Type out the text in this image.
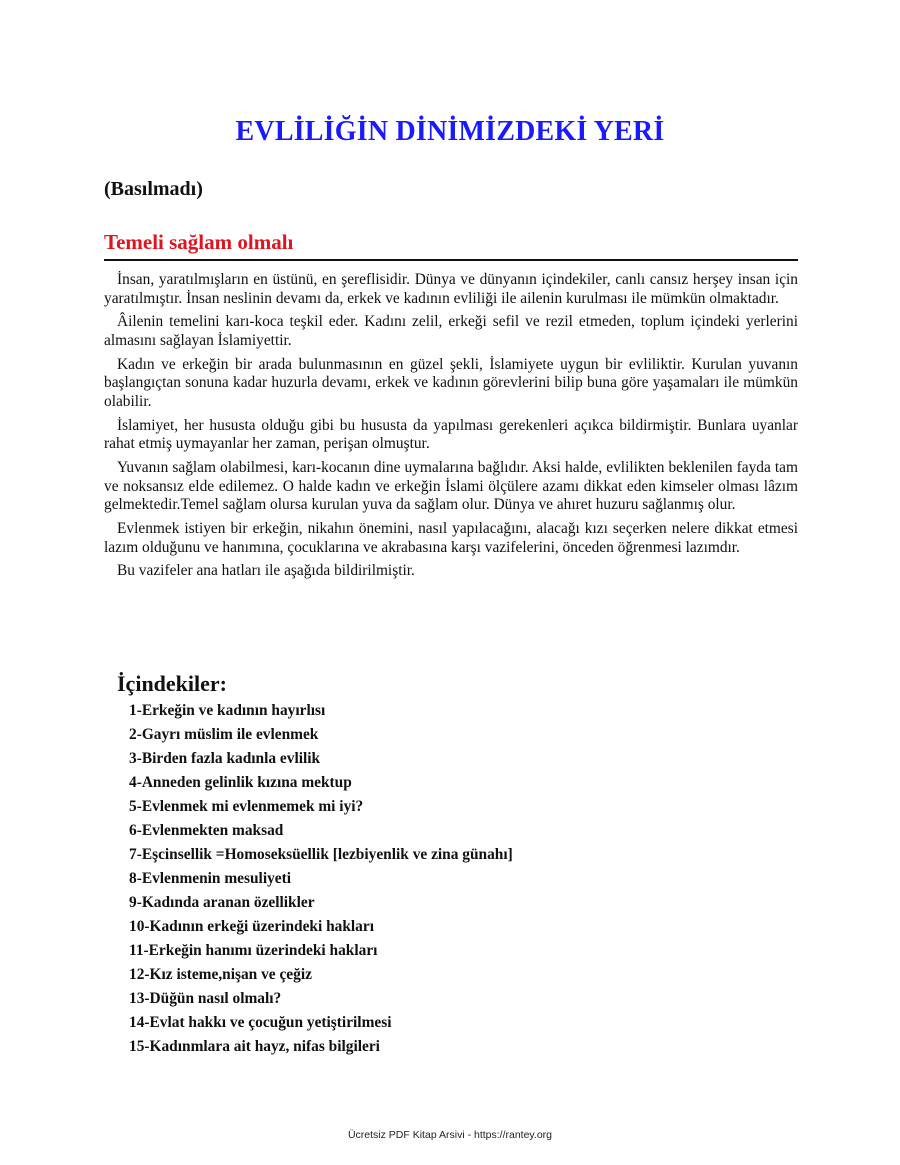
EVLİLİĞİN DİNİMİZDEKİ YERİ
(Basılmadı)
Temeli sağlam olmalı

İnsan, yaratılmışların en üstünü, en şereflisidir. Dünya ve dünyanın içindekiler, canlı cansız herşey insan için yaratılmıştır. İnsan neslinin devamı da, erkek ve kadının evliliği ile ailenin kurulması ile mümkün olmaktadır.

Âilenin temelini karı-koca teşkil eder. Kadını zelil, erkeği sefil ve rezil etmeden, toplum içindeki yerlerini almasını sağlayan İslamiyettir.

Kadın ve erkeğin bir arada bulunmasının en güzel şekli, İslamiyete uygun bir evliliktir. Kurulan yuvanın başlangıçtan sonuna kadar huzurla devamı, erkek ve kadının görevlerini bilip buna göre yaşamaları ile mümkün olabilir.

İslamiyet, her hususta olduğu gibi bu hususta da yapılması gerekenleri açıkca bildirmiştir. Bunlara uyanlar rahat etmiş uymayanlar her zaman, perişan olmuştur.

Yuvanın sağlam olabilmesi, karı-kocanın dine uymalarına bağlıdır. Aksi halde, evlilikten beklenilen fayda tam ve noksansız elde edilemez. O halde kadın ve erkeğin İslami ölçülere azamı dikkat eden kimseler olması lâzım gelmektedir.Temel sağlam olursa kurulan yuva da sağlam olur. Dünya ve ahıret huzuru sağlanmış olur.

Evlenmek istiyen bir erkeğin, nikahın önemini, nasıl yapılacağını, alacağı kızı seçerken nelere dikkat etmesi lazım olduğunu ve hanımına, çocuklarına ve akrabasına karşı vazifelerini, önceden öğrenmesi lazımdır.

Bu vazifeler ana hatları ile aşağıda bildirilmiştir.

İçindekiler:
1-Erkeğin ve kadının hayırlısı
2-Gayrı müslim ile evlenmek
3-Birden fazla kadınla evlilik
4-Anneden gelinlik kızına mektup
5-Evlenmek mi evlenmemek mi iyi?
6-Evlenmekten maksad
7-Eşcinsellik =Homoseksüellik [lezbiyenlik ve zina günahı]
8-Evlenmenin mesuliyeti
9-Kadında aranan özellikler
10-Kadının erkeği üzerindeki hakları
11-Erkeğin hanımı üzerindeki hakları
12-Kız isteme,nişan ve çeğiz
13-Düğün nasıl olmalı?
14-Evlat hakkı ve çocuğun yetiştirilmesi
15-Kadınmlara ait hayz, nifas bilgileri
Ücretsiz PDF Kitap Arsivi - https://rantey.org
